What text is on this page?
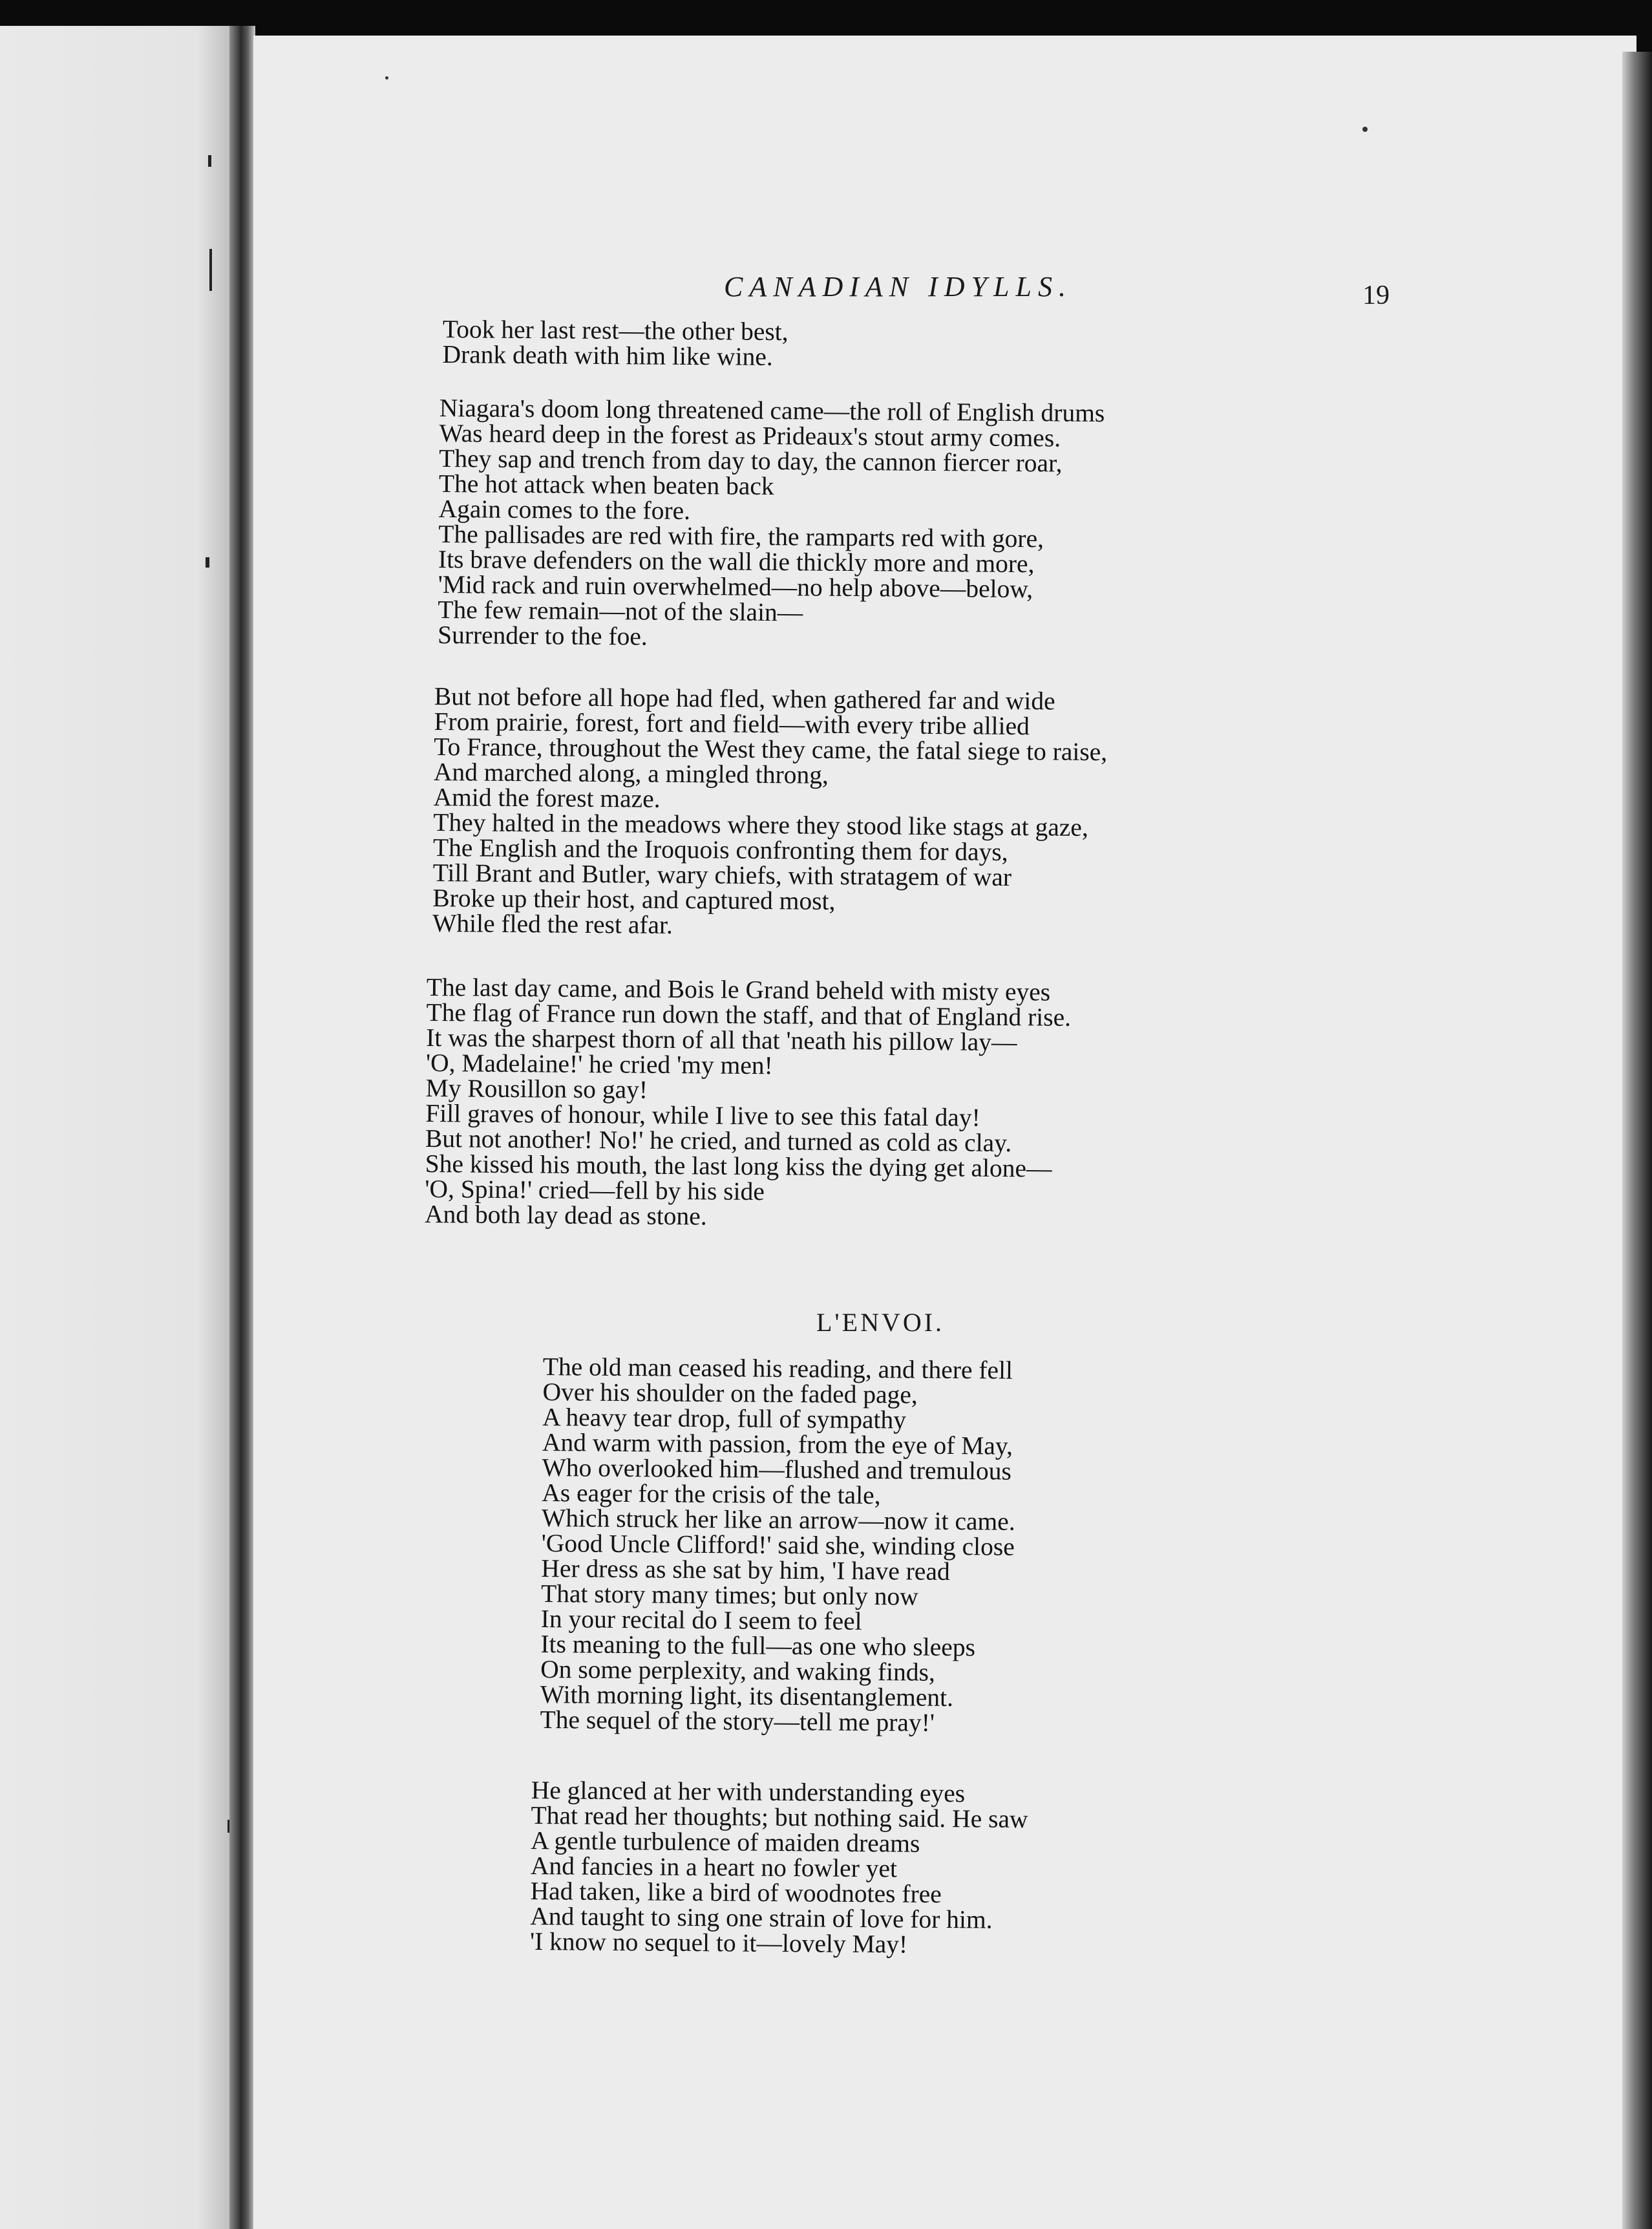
CANADIAN IDYLLS.	19
Took her last rest—the other best,
Drank death with him like wine.
Niagara's doom long threatened came—the roll of English drums
Was heard deep in the forest as Prideaux's stout army comes.
They sap and trench from day to day, the cannon fiercer roar,
The hot attack when beaten back
Again comes to the fore.
The pallisades are red with fire, the ramparts red with gore,
Its brave defenders on the wall die thickly more and more,
'Mid rack and ruin overwhelmed—no help above—below,
The few remain—not of the slain—
Surrender to the foe.
But not before all hope had fled, when gathered far and wide
From prairie, forest, fort and field—with every tribe allied
To France, throughout the West they came, the fatal siege to raise,
And marched along, a mingled throng,
Amid the forest maze.
They halted in the meadows where they stood like stags at gaze,
The English and the Iroquois confronting them for days,
Till Brant and Butler, wary chiefs, with stratagem of war
Broke up their host, and captured most,
While fled the rest afar.
The last day came, and Bois le Grand beheld with misty eyes
The flag of France run down the staff, and that of England rise.
It was the sharpest thorn of all that 'neath his pillow lay—
'O, Madelaine!' he cried 'my men!
My Rousillon so gay!
Fill graves of honour, while I live to see this fatal day!
But not another! No!' he cried, and turned as cold as clay.
She kissed his mouth, the last long kiss the dying get alone—
'O, Spina!' cried—fell by his side
And both lay dead as stone.
L'ENVOI.
The old man ceased his reading, and there fell
Over his shoulder on the faded page,
A heavy tear drop, full of sympathy
And warm with passion, from the eye of May,
Who overlooked him—flushed and tremulous
As eager for the crisis of the tale,
Which struck her like an arrow—now it came.
'Good Uncle Clifford!' said she, winding close
Her dress as she sat by him, 'I have read
That story many times; but only now
In your recital do I seem to feel
Its meaning to the full—as one who sleeps
On some perplexity, and waking finds,
With morning light, its disentanglement.
The sequel of the story—tell me pray!'
He glanced at her with understanding eyes
That read her thoughts; but nothing said. He saw
A gentle turbulence of maiden dreams
And fancies in a heart no fowler yet
Had taken, like a bird of woodnotes free
And taught to sing one strain of love for him.
'I know no sequel to it—lovely May!
